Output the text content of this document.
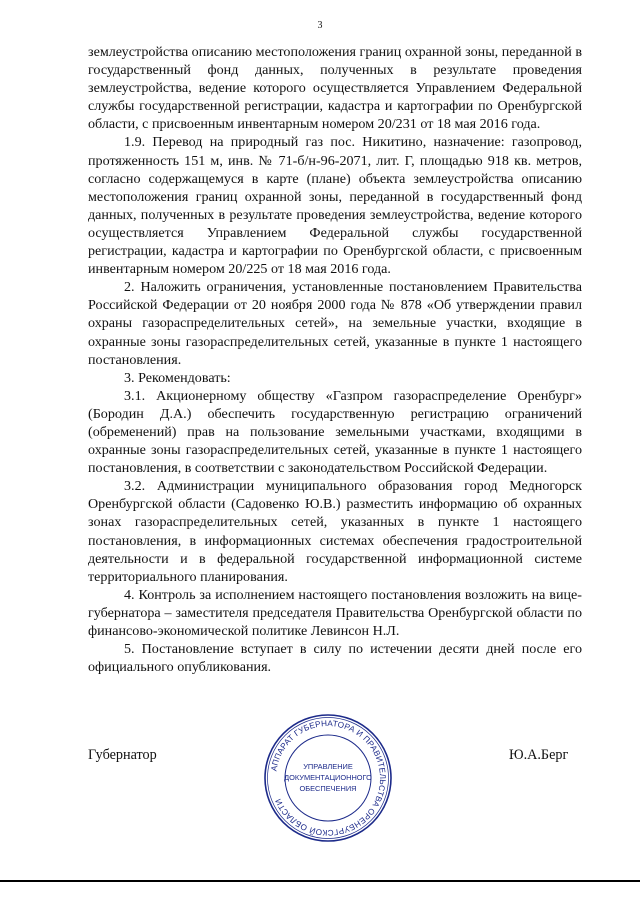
3

землеустройства описанию местоположения границ охранной зоны, переданной в государственный фонд данных, полученных в результате проведения землеустройства, ведение которого осуществляется Управлением Федеральной службы государственной регистрации, кадастра и картографии по Оренбургской области, с присвоенным инвентарным номером 20/231 от 18 мая 2016 года.

1.9. Перевод на природный газ пос. Никитино, назначение: газопровод, протяженность 151 м, инв. № 71-б/н-96-2071, лит. Г, площадью 918 кв. метров, согласно содержащемуся в карте (плане) объекта землеустройства описанию местоположения границ охранной зоны, переданной в государственный фонд данных, полученных в результате проведения землеустройства, ведение которого осуществляется Управлением Федеральной службы государственной регистрации, кадастра и картографии по Оренбургской области, с присвоенным инвентарным номером 20/225 от 18 мая 2016 года.

2. Наложить ограничения, установленные постановлением Правительства Российской Федерации от 20 ноября 2000 года № 878 «Об утверждении правил охраны газораспределительных сетей», на земельные участки, входящие в охранные зоны газораспределительных сетей, указанные в пункте 1 настоящего постановления.

3. Рекомендовать:

3.1. Акционерному обществу «Газпром газораспределение Оренбург» (Бородин Д.А.) обеспечить государственную регистрацию ограничений (обременений) прав на пользование земельными участками, входящими в охранные зоны газораспределительных сетей, указанные в пункте 1 настоящего постановления, в соответствии с законодательством Российской Федерации.

3.2. Администрации муниципального образования город Медногорск Оренбургской области (Садовенко Ю.В.) разместить информацию об охранных зонах газораспределительных сетей, указанных в пункте 1 настоящего постановления, в информационных системах обеспечения градостроительной деятельности и в федеральной государственной информационной системе территориального планирования.

4. Контроль за исполнением настоящего постановления возложить на вице-губернатора – заместителя председателя Правительства Оренбургской области по финансово-экономической политике Левинсон Н.Л.

5. Постановление вступает в силу по истечении десяти дней после его официального опубликования.

Губернатор	Ю.А.Берг
АППАРАТ ГУБЕРНАТОРА И ПРАВИТЕЛЬСТВА ОРЕНБУРГСКОЙ ОБЛАСТИ
УПРАВЛЕНИЕ
ДОКУМЕНТАЦИОННОГО
ОБЕСПЕЧЕНИЯ
